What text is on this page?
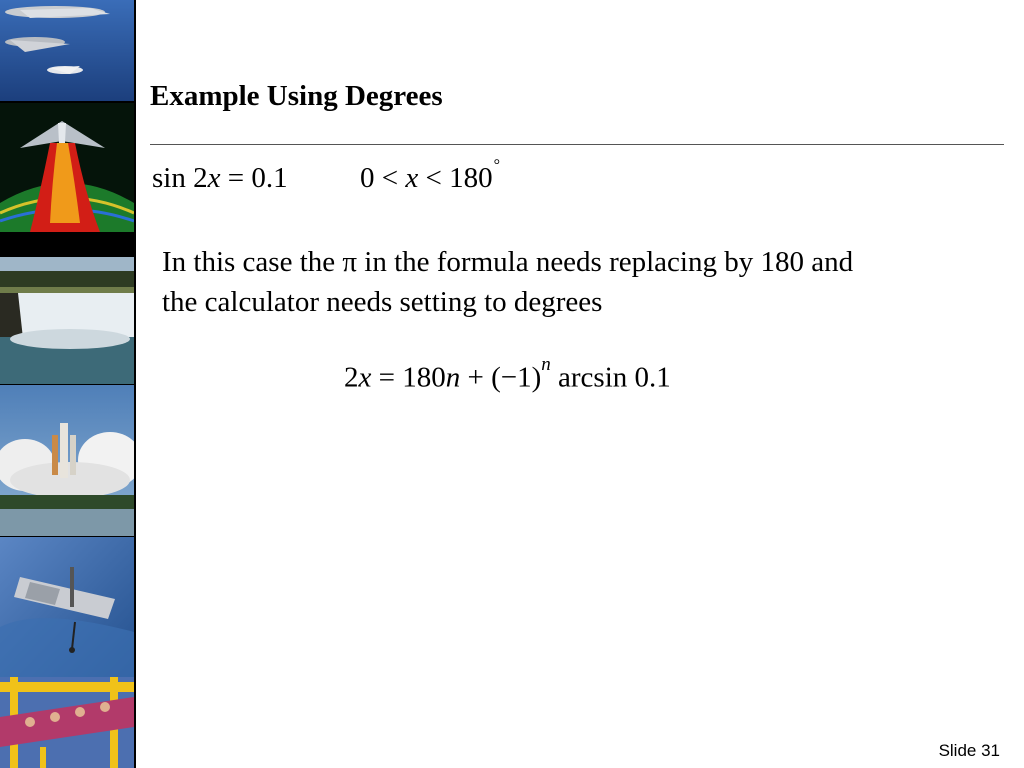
Example Using Degrees
sin 2x = 0.1 0 < x < 180°
In this case the π in the formula needs replacing by 180 and the calculator needs setting to degrees
$2x = 180n + (-1)^n$ arcsin 0.1
Slide 31
